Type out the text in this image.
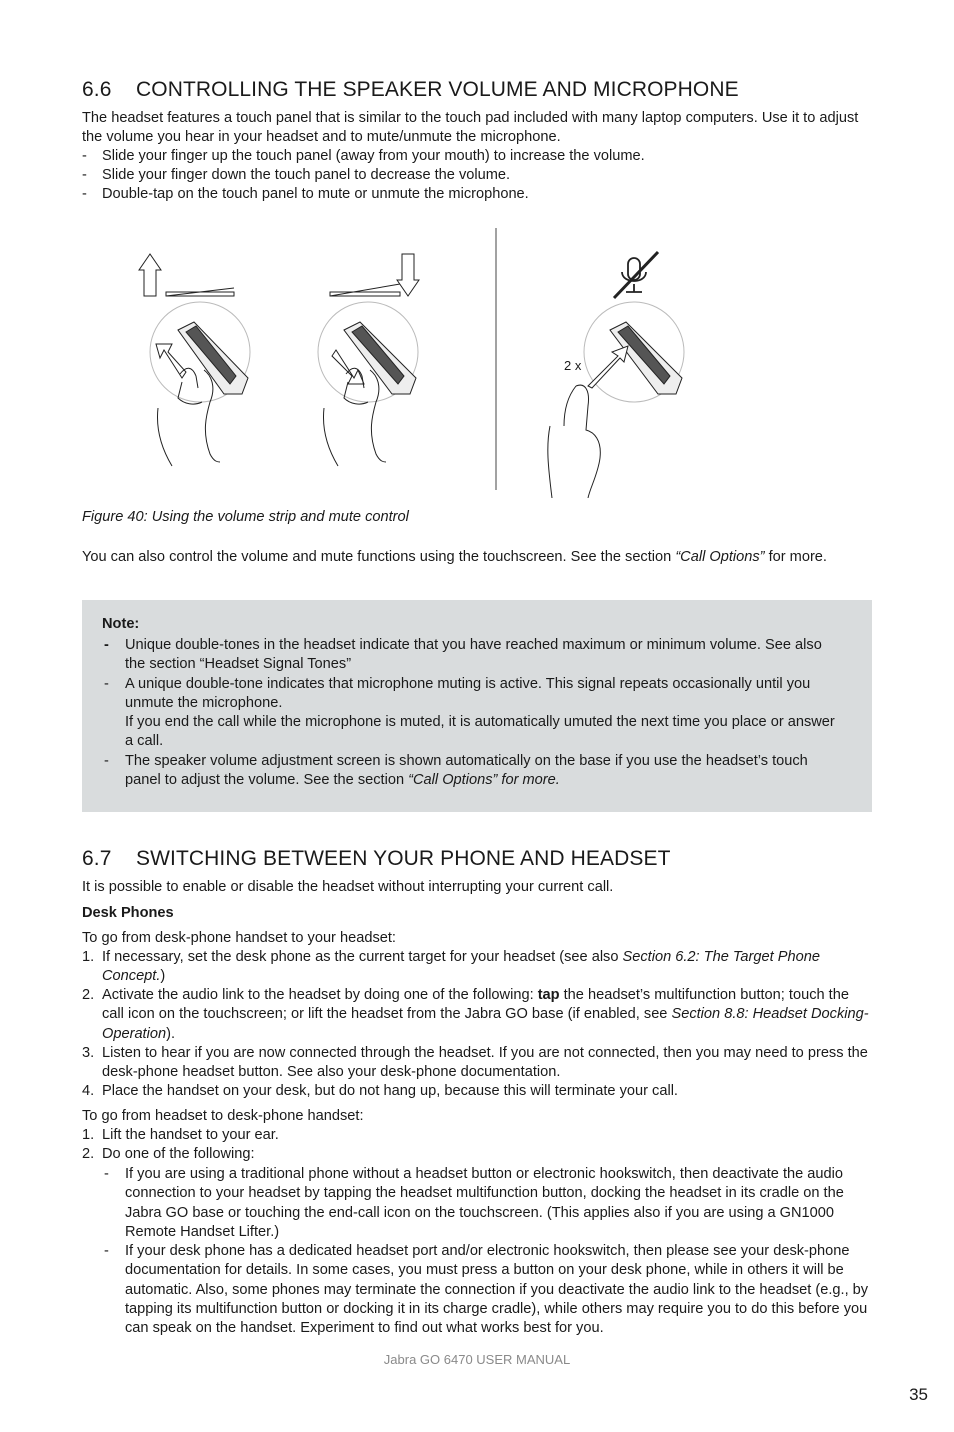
6.6 CONTROLLING THE SPEAKER VOLUME AND MICROPHONE

The headset features a touch panel that is similar to the touch pad included with many laptop computers. Use it to adjust the volume you hear in your headset and to mute/unmute the microphone.

- Slide your finger up the touch panel (away from your mouth) to increase the volume.
- Slide your finger down the touch panel to decrease the volume.
- Double-tap on the touch panel to mute or unmute the microphone.
Figure 40: Using the volume strip and mute control

You can also control the volume and mute functions using the touchscreen. See the section “Call Options” for more.

Note:
- Unique double-tones in the headset indicate that you have reached maximum or minimum volume. See also the section “Headset Signal Tones”
- A unique double-tone indicates that microphone muting is active. This signal repeats occasionally until you unmute the microphone.
If you end the call while the microphone is muted, it is automatically umuted the next time you place or answer a call.
- The speaker volume adjustment screen is shown automatically on the base if you use the headset’s touch panel to adjust the volume. See the section “Call Options” for more.
6.7 SWITCHING BETWEEN YOUR PHONE AND HEADSET

It is possible to enable or disable the headset without interrupting your current call.

Desk Phones

To go from desk-phone handset to your headset:

1. If necessary, set the desk phone as the current target for your headset (see also Section 6.2: The Target Phone Concept.)
2. Activate the audio link to the headset by doing one of the following: tap the headset’s multifunction button; touch the call icon on the touchscreen; or lift the headset from the Jabra GO base (if enabled, see Section 8.8: Headset Docking-Operation).
3. Listen to hear if you are now connected through the headset. If you are not connected, then you may need to press the desk-phone headset button. See also your desk-phone documentation.
4. Place the handset on your desk, but do not hang up, because this will terminate your call.

To go from headset to desk-phone handset:

1. Lift the handset to your ear.
2. Do one of the following:
- If you are using a traditional phone without a headset button or electronic hookswitch, then deactivate the audio connection to your headset by tapping the headset multifunction button, docking the headset in its cradle on the Jabra GO base or touching the end-call icon on the touchscreen. (This applies also if you are using a GN1000 Remote Handset Lifter.)
- If your desk phone has a dedicated headset port and/or electronic hookswitch, then please see your desk-phone documentation for details. In some cases, you must press a button on your desk phone, while in others it will be automatic. Also, some phones may terminate the connection if you deactivate the audio link to the headset (e.g., by tapping its multifunction button or docking it in its charge cradle), while others may require you to do this before you can speak on the handset. Experiment to find out what works best for you.
2 x
Jabra GO 6470 USER MANUAL
35
